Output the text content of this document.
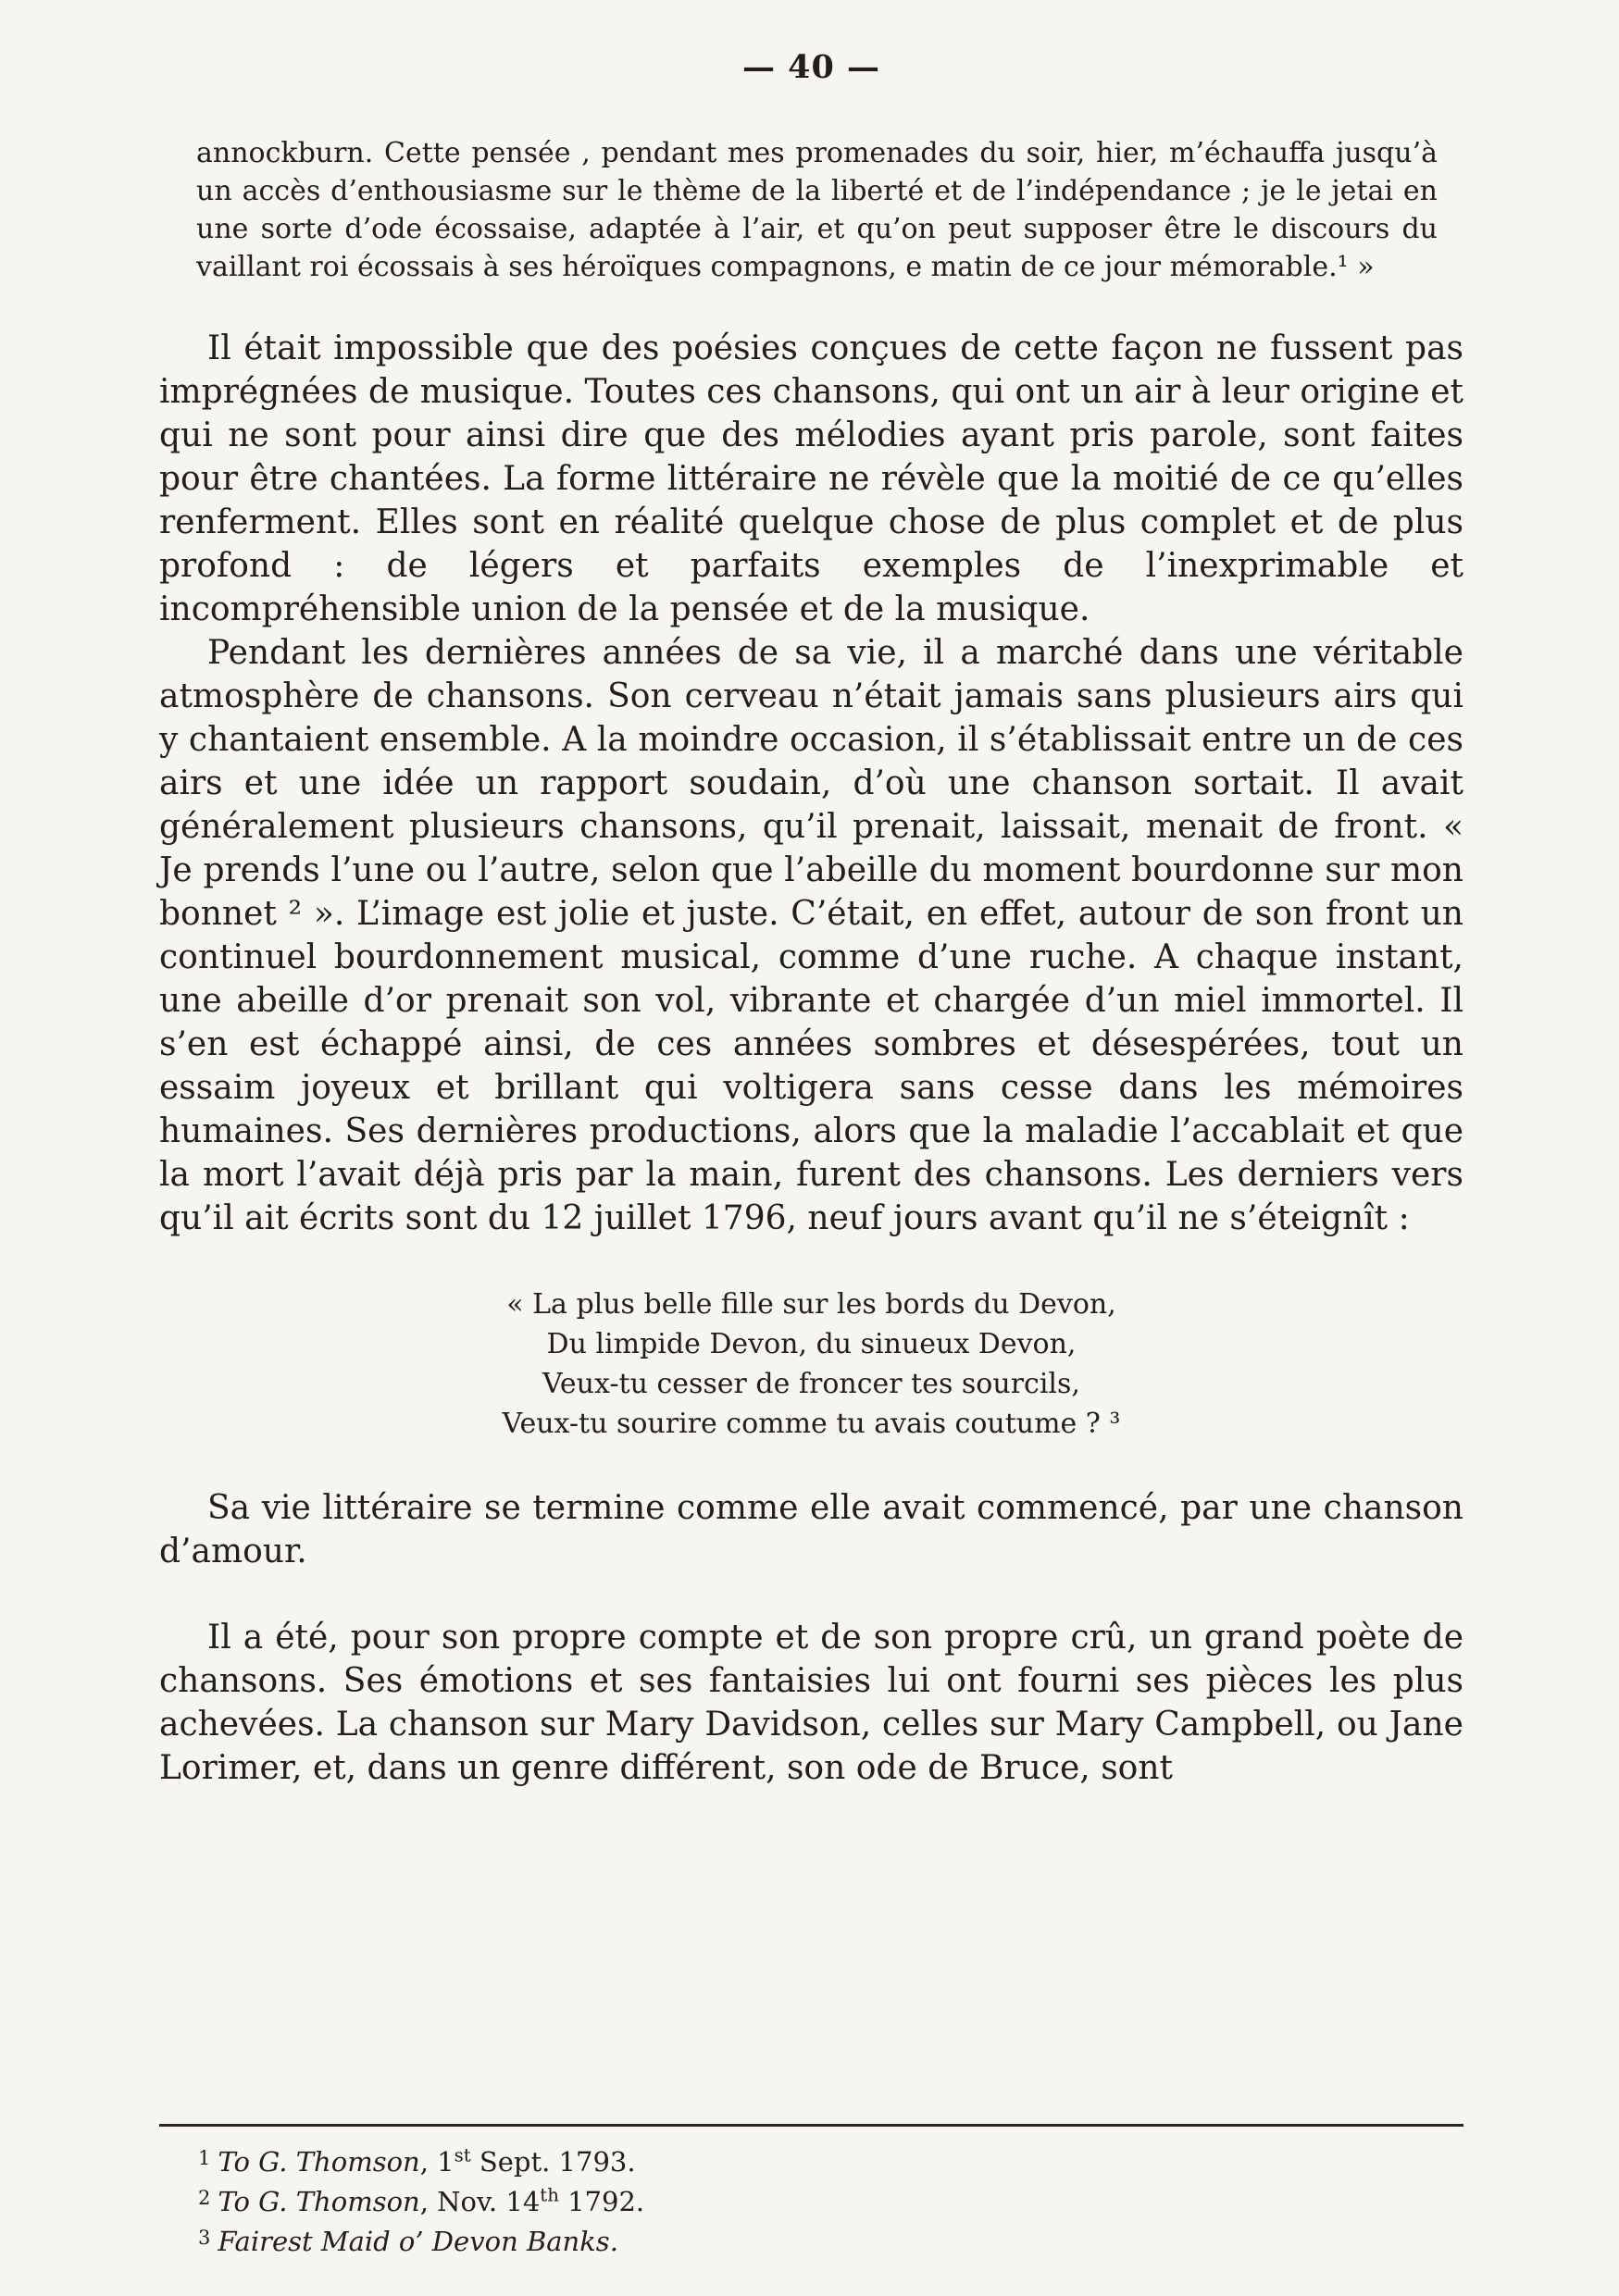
— 40 —

annockburn. Cette pensée , pendant mes promenades du soir, hier, m’échauffa jusqu’à un accès d’enthousiasme sur le thème de la liberté et de l’indépendance ; je le jetai en une sorte d’ode écossaise, adaptée à l’air, et qu’on peut supposer être le discours du vaillant roi écossais à ses héroïques compagnons, e matin de ce jour mémorable.¹ »

Il était impossible que des poésies conçues de cette façon ne fussent pas imprégnées de musique. Toutes ces chansons, qui ont un air à leur origine et qui ne sont pour ainsi dire que des mélodies ayant pris parole, sont faites pour être chantées. La forme littéraire ne révèle que la moitié de ce qu’elles renferment. Elles sont en réalité quelque chose de plus complet et de plus profond : de légers et parfaits exemples de l’inexprimable et incompréhensible union de la pensée et de la musique.

Pendant les dernières années de sa vie, il a marché dans une véritable atmosphère de chansons. Son cerveau n’était jamais sans plusieurs airs qui y chantaient ensemble. A la moindre occasion, il s’établissait entre un de ces airs et une idée un rapport soudain, d’où une chanson sortait. Il avait généralement plusieurs chansons, qu’il prenait, laissait, menait de front. « Je prends l’une ou l’autre, selon que l’abeille du moment bourdonne sur mon bonnet ² ». L’image est jolie et juste. C’était, en effet, autour de son front un continuel bourdonnement musical, comme d’une ruche. A chaque instant, une abeille d’or prenait son vol, vibrante et chargée d’un miel immortel. Il s’en est échappé ainsi, de ces années sombres et désespérées, tout un essaim joyeux et brillant qui voltigera sans cesse dans les mémoires humaines. Ses dernières productions, alors que la maladie l’accablait et que la mort l’avait déjà pris par la main, furent des chansons. Les derniers vers qu’il ait écrits sont du 12 juillet 1796, neuf jours avant qu’il ne s’éteignît :

« La plus belle fille sur les bords du Devon,
Du limpide Devon, du sinueux Devon,
Veux-tu cesser de froncer tes sourcils,
Veux-tu sourire comme tu avais coutume ? ³

Sa vie littéraire se termine comme elle avait commencé, par une chanson d’amour.

Il a été, pour son propre compte et de son propre crû, un grand poète de chansons. Ses émotions et ses fantaisies lui ont fourni ses pièces les plus achevées. La chanson sur Mary Davidson, celles sur Mary Campbell, ou Jane Lorimer, et, dans un genre différent, son ode de Bruce, sont

$^1$ To G. Thomson, 1st Sept. 1793.
$^2$ To G. Thomson, Nov. 14th 1792.
$^3$ Fairest Maid o’ Devon Banks.
